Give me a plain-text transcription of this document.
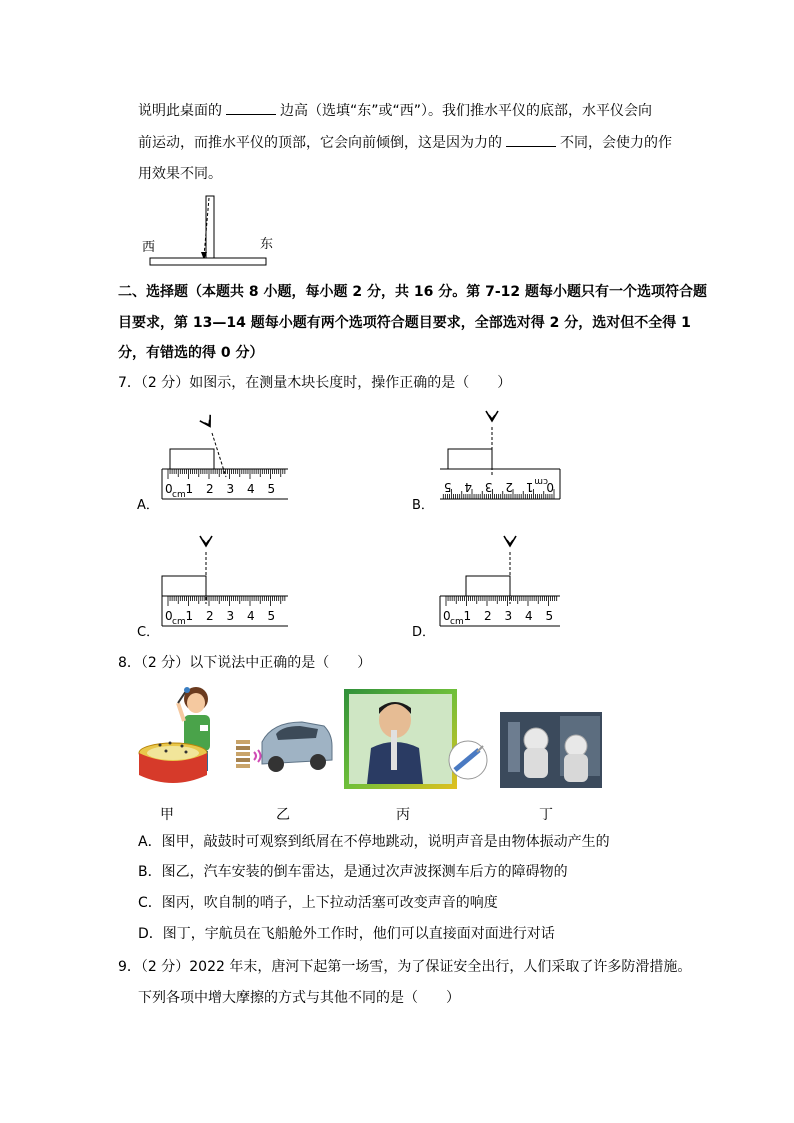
说明此桌面的	边高（选填“东”或“西”）。我们推水平仪的底部，水平仪会向
前运动，而推水平仪的顶部，它会向前倾倒，这是因为力的	不同，会使力的作
用效果不同。
西	东
二、选择题（本题共 8 小题，每小题 2 分，共 16 分。第 7-12 题每小题只有一个选项符合题
目要求，第 13—14 题每小题有两个选项符合题目要求，全部选对得 2 分，选对但不全得 1
分，有错选的得 0 分）
7．（2 分）如图示，在测量木块长度时，操作正确的是（　　）
A．	B．
C．	D．
0 1 2 3 4 5
cm
0
1
2
3
4
5	cm
0 1 2 3 4 5
cm	0 1 2 3 4 5
cm
8．（2 分）以下说法中正确的是（　　）
甲	乙	丙	丁
A．图甲，敲鼓时可观察到纸屑在不停地跳动，说明声音是由物体振动产生的
B．图乙，汽车安装的倒车雷达，是通过次声波探测车后方的障碍物的
C．图丙，吹自制的哨子，上下拉动活塞可改变声音的响度
D．图丁，宇航员在飞船舱外工作时，他们可以直接面对面进行对话
9．（2 分）2022 年末，唐河下起第一场雪，为了保证安全出行，人们采取了许多防滑措施。
下列各项中增大摩擦的方式与其他不同的是（　　）
